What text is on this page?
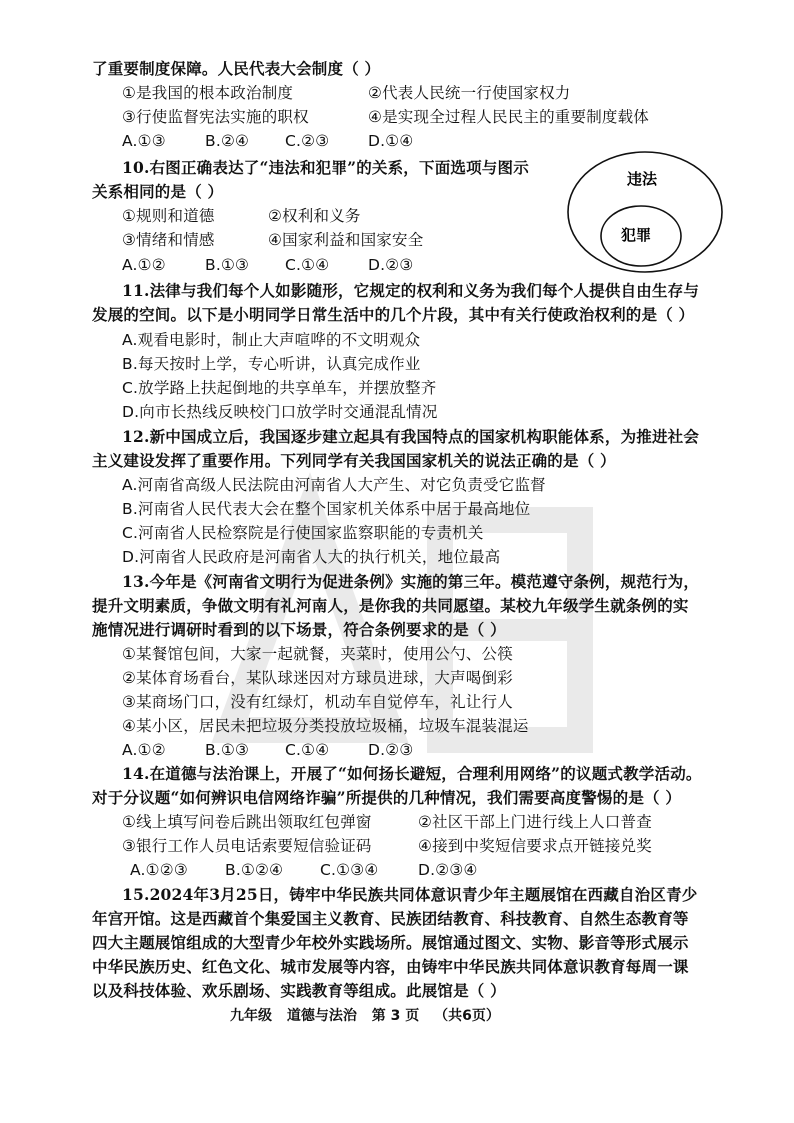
了重要制度保障。人民代表大会制度（ ）
①是我国的根本政治制度	②代表人民统一行使国家权力
③行使监督宪法实施的职权	④是实现全过程人民民主的重要制度载体
A.①③	B.②④ C.②③ D.①④
10.右图正确表达了“违法和犯罪”的关系，下面选项与图示
关系相同的是（ ）
①规则和道德	②权利和义务
③情绪和情感	④国家利益和国家安全
A.①②	B.①③ C.①④ D.②③
违法
犯罪
11.法律与我们每个人如影随形，它规定的权利和义务为我们每个人提供自由生存与
发展的空间。以下是小明同学日常生活中的几个片段，其中有关行使政治权利的是（ ）
A.观看电影时，制止大声喧哗的不文明观众
B.每天按时上学，专心听讲，认真完成作业
C.放学路上扶起倒地的共享单车，并摆放整齐
D.向市长热线反映校门口放学时交通混乱情况
12.新中国成立后，我国逐步建立起具有我国特点的国家机构职能体系，为推进社会
主义建设发挥了重要作用。下列同学有关我国国家机关的说法正确的是（ ）
A.河南省高级人民法院由河南省人大产生、对它负责受它监督
B.河南省人民代表大会在整个国家机关体系中居于最高地位
C.河南省人民检察院是行使国家监察职能的专责机关
D.河南省人民政府是河南省人大的执行机关，地位最高
13.今年是《河南省文明行为促进条例》实施的第三年。模范遵守条例，规范行为，
提升文明素质，争做文明有礼河南人，是你我的共同愿望。某校九年级学生就条例的实
施情况进行调研时看到的以下场景，符合条例要求的是（ ）
①某餐馆包间，大家一起就餐，夹菜时，使用公勺、公筷
②某体育场看台，某队球迷因对方球员进球，大声喝倒彩
③某商场门口，没有红绿灯，机动车自觉停车，礼让行人
④某小区，居民未把垃圾分类投放垃圾桶，垃圾车混装混运
A.①②	B.①③ C.①④ D.②③
14.在道德与法治课上，开展了“如何扬长避短，合理利用网络”的议题式教学活动。
对于分议题“如何辨识电信网络诈骗”所提供的几种情况，我们需要高度警惕的是（ ）
①线上填写问卷后跳出领取红包弹窗	②社区干部上门进行线上人口普查
③银行工作人员电话索要短信验证码	④接到中奖短信要求点开链接兑奖
A.①②③ B.①②④ C.①③④	D.②③④
15.2024年3月25日，铸牢中华民族共同体意识青少年主题展馆在西藏自治区青少
年宫开馆。这是西藏首个集爱国主义教育、民族团结教育、科技教育、自然生态教育等
四大主题展馆组成的大型青少年校外实践场所。展馆通过图文、实物、影音等形式展示
中华民族历史、红色文化、城市发展等内容，由铸牢中华民族共同体意识教育每周一课
以及科技体验、欢乐剧场、实践教育等组成。此展馆是（ ）
九年级 道德与法治 第 3 页 （共6页）
